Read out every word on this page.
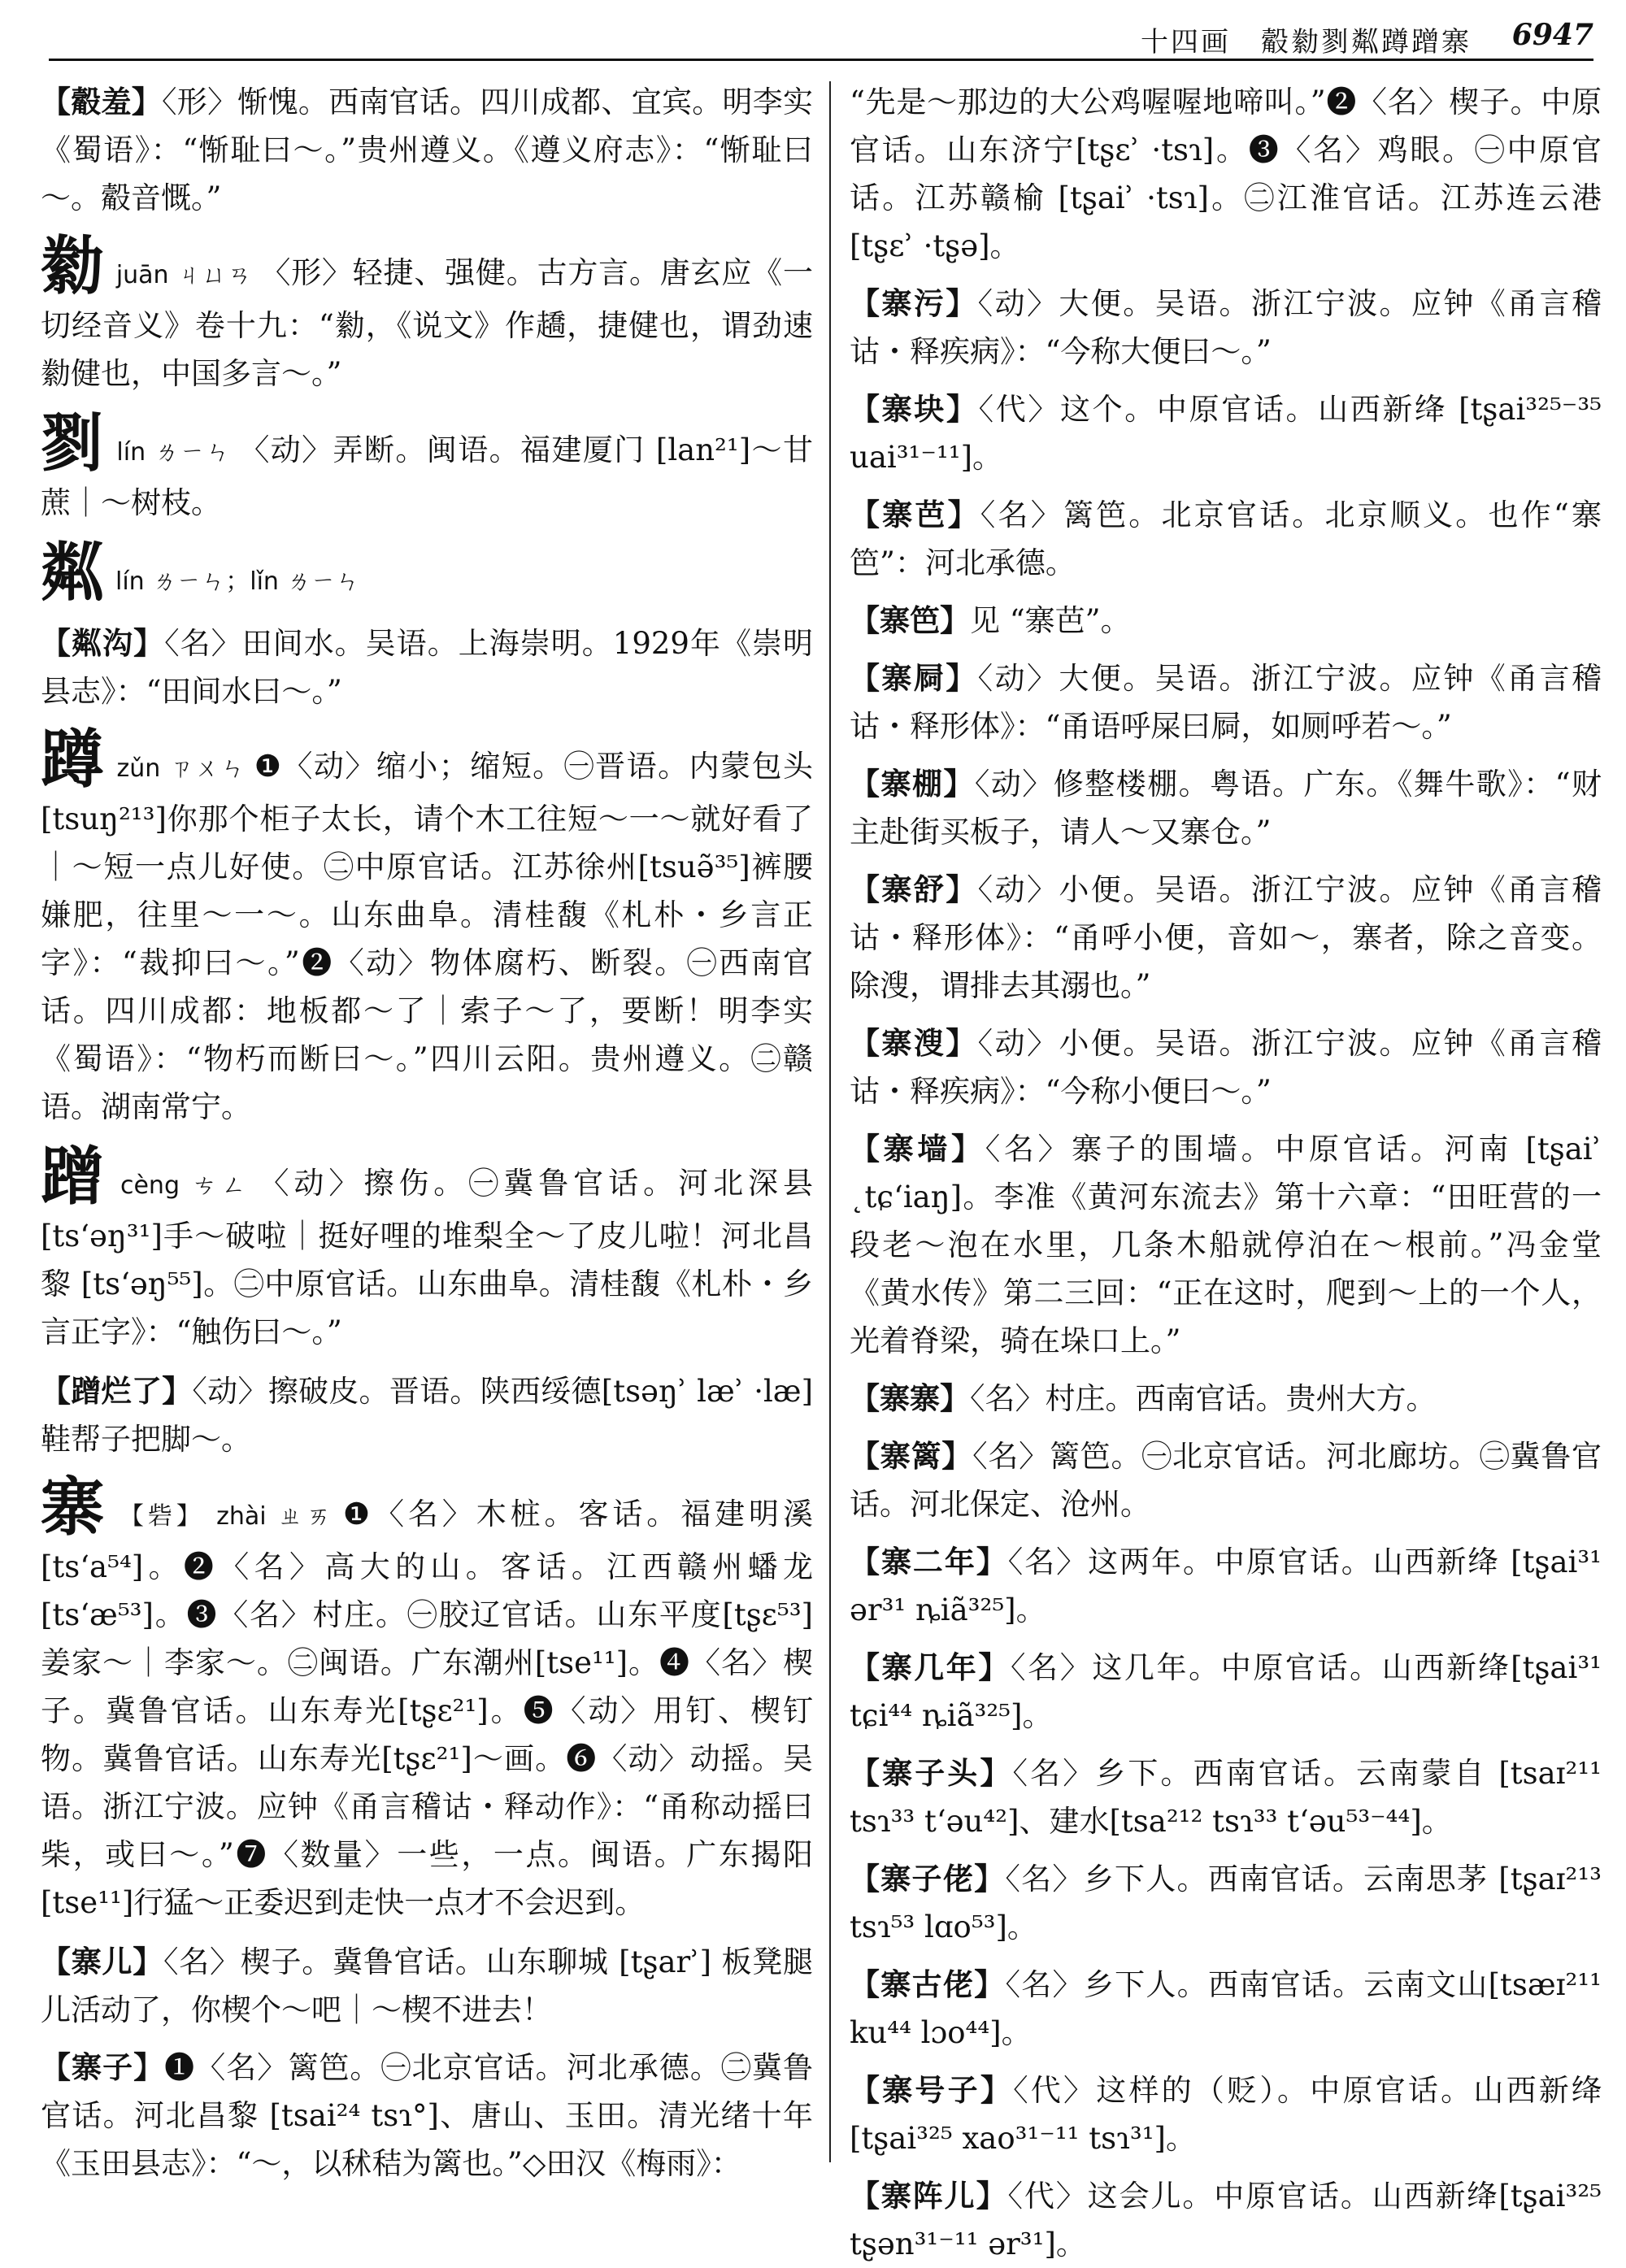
十四画　觳勬剹粼蹲蹭寨 6947

【觳羞】〈形〉惭愧。西南官话。四川成都、宜宾。明李实《蜀语》：“惭耻曰～。”贵州遵义。《遵义府志》：“惭耻曰～。觳音慨。”

勬juān ㄐㄩㄢ 〈形〉轻捷、强健。古方言。唐玄应《一切经音义》卷十九：“勬，《说文》作趫，捷健也，谓劲速勬健也，中国多言～。”

剹lín ㄌㄧㄣ 〈动〉弄断。闽语。福建厦门 [lan²¹]～甘蔗｜～树枝。

粼lín ㄌㄧㄣ；lǐn ㄌㄧㄣ

【粼沟】〈名〉田间水。吴语。上海崇明。1929年《崇明县志》：“田间水曰～。”

蹲zǔn ㄗㄨㄣ ❶〈动〉缩小；缩短。㊀晋语。内蒙包头[tsuŋ²¹³]你那个柜子太长，请个木工往短～一～就好看了｜～短一点儿好使。㊁中原官话。江苏徐州[tsuə̃³⁵]裤腰嫌肥，往里～一～。山东曲阜。清桂馥《札朴・乡言正字》：“裁抑曰～。”❷〈动〉物体腐朽、断裂。㊀西南官话。四川成都：地板都～了｜索子～了，要断！明李实《蜀语》：“物朽而断曰～。”四川云阳。贵州遵义。㊁赣语。湖南常宁。

蹭cèng ㄘㄥ 〈动〉擦伤。㊀冀鲁官话。河北深县[tsʻəŋ³¹]手～破啦｜挺好哩的堆梨全～了皮儿啦！河北昌黎 [tsʻəŋ⁵⁵]。㊁中原官话。山东曲阜。清桂馥《札朴・乡言正字》：“触伤曰～。”

【蹭烂了】〈动〉擦破皮。晋语。陕西绥德[tsəŋʾ læʾ ·læ] 鞋帮子把脚～。

寨 【砦】 zhài ㄓㄞ ❶〈名〉木桩。客话。福建明溪[tsʻa⁵⁴]。❷〈名〉高大的山。客话。江西赣州蟠龙[tsʻæ⁵³]。❸〈名〉村庄。㊀胶辽官话。山东平度[tʂɛ⁵³]姜家～｜李家～。㊁闽语。广东潮州[tse¹¹]。❹〈名〉楔子。冀鲁官话。山东寿光[tʂɛ²¹]。❺〈动〉用钉、楔钉物。冀鲁官话。山东寿光[tʂɛ²¹]～画。❻〈动〉动摇。吴语。浙江宁波。应钟《甬言稽诂・释动作》：“甬称动摇曰柴，或曰～。”❼〈数量〉一些，一点。闽语。广东揭阳[tse¹¹]行猛～正委迟到走快一点才不会迟到。

【寨儿】〈名〉楔子。冀鲁官话。山东聊城 [tʂarʾ] 板凳腿儿活动了，你楔个～吧｜～楔不进去！

【寨子】❶〈名〉篱笆。㊀北京官话。河北承德。㊁冀鲁官话。河北昌黎 [tsai²⁴ tsɿ°]、唐山、玉田。清光绪十年《玉田县志》：“～，以秫秸为篱也。”◇田汉《梅雨》：

“先是～那边的大公鸡喔喔地啼叫。”❷〈名〉楔子。中原官话。山东济宁[tʂɛʾ ·tsɿ]。❸〈名〉鸡眼。㊀中原官话。江苏赣榆 [tʂaiʾ ·tsɿ]。㊁江淮官话。江苏连云港[tʂɛʾ ·tʂə]。

【寨污】〈动〉大便。吴语。浙江宁波。应钟《甬言稽诂・释疾病》：“今称大便曰～。”

【寨块】〈代〉这个。中原官话。山西新绛 [tʂai³²⁵⁻³⁵ uai³¹⁻¹¹]。

【寨芭】〈名〉篱笆。北京官话。北京顺义。也作“寨笆”：河北承德。

【寨笆】见 “寨芭”。

【寨屙】〈动〉大便。吴语。浙江宁波。应钟《甬言稽诂・释形体》：“甬语呼屎曰屙，如厕呼若～。”

【寨棚】〈动〉修整楼棚。粤语。广东。《舞牛歌》：“财主赴街买板子，请人～又寨仓。”

【寨舒】〈动〉小便。吴语。浙江宁波。应钟《甬言稽诂・释形体》：“甬呼小便，音如～，寨者，除之音变。除溲，谓排去其溺也。”

【寨溲】〈动〉小便。吴语。浙江宁波。应钟《甬言稽诂・释疾病》：“今称小便曰～。”

【寨墙】〈名〉寨子的围墙。中原官话。河南 [tʂaiʾ ˛tɕʻiaŋ]。李准《黄河东流去》第十六章：“田旺营的一段老～泡在水里，几条木船就停泊在～根前。”冯金堂《黄水传》第二三回：“正在这时，爬到～上的一个人，光着脊梁，骑在垛口上。”

【寨寨】〈名〉村庄。西南官话。贵州大方。

【寨篱】〈名〉篱笆。㊀北京官话。河北廊坊。㊁冀鲁官话。河北保定、沧州。

【寨二年】〈名〉这两年。中原官话。山西新绛 [tʂai³¹ ər³¹ ȵiã³²⁵]。

【寨几年】〈名〉这几年。中原官话。山西新绛[tʂai³¹ tɕi⁴⁴ ȵiã³²⁵]。

【寨子头】〈名〉乡下。西南官话。云南蒙自 [tsaɪ²¹¹ tsɿ³³ tʻəu⁴²]、建水[tsa²¹² tsɿ³³ tʻəu⁵³⁻⁴⁴]。

【寨子佬】〈名〉乡下人。西南官话。云南思茅 [tʂaɪ²¹³ tsɿ⁵³ lɑo⁵³]。

【寨古佬】〈名〉乡下人。西南官话。云南文山[tsæɪ²¹¹ ku⁴⁴ lɔo⁴⁴]。

【寨号子】〈代〉这样的（贬）。中原官话。山西新绛 [tʂai³²⁵ xao³¹⁻¹¹ tsɿ³¹]。

【寨阵儿】〈代〉这会儿。中原官话。山西新绛[tʂai³²⁵ tʂən³¹⁻¹¹ ər³¹]。
